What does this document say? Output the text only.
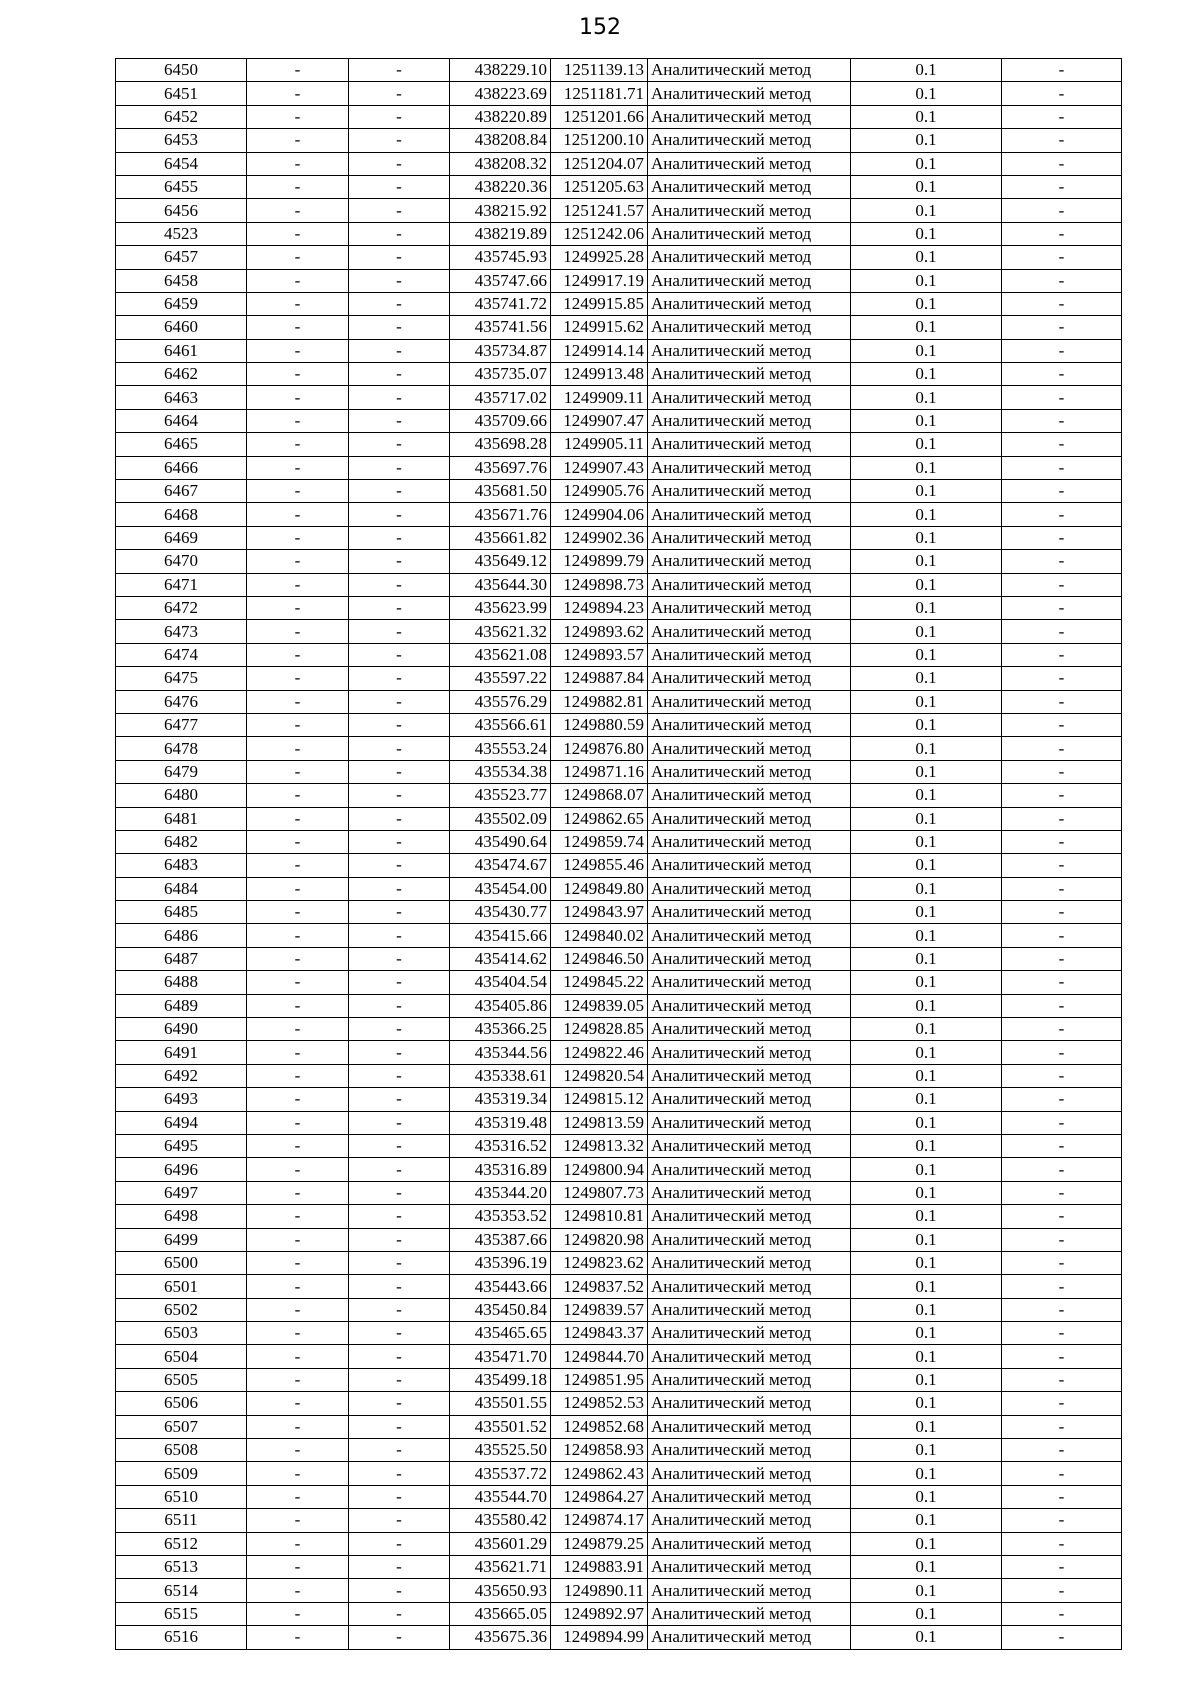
152
6450	-	-	438229.10	1251139.13	Аналитический метод	0.1	-
6451	-	-	438223.69	1251181.71	Аналитический метод	0.1	-
6452	-	-	438220.89	1251201.66	Аналитический метод	0.1	-
6453	-	-	438208.84	1251200.10	Аналитический метод	0.1	-
6454	-	-	438208.32	1251204.07	Аналитический метод	0.1	-
6455	-	-	438220.36	1251205.63	Аналитический метод	0.1	-
6456	-	-	438215.92	1251241.57	Аналитический метод	0.1	-
4523	-	-	438219.89	1251242.06	Аналитический метод	0.1	-
6457	-	-	435745.93	1249925.28	Аналитический метод	0.1	-
6458	-	-	435747.66	1249917.19	Аналитический метод	0.1	-
6459	-	-	435741.72	1249915.85	Аналитический метод	0.1	-
6460	-	-	435741.56	1249915.62	Аналитический метод	0.1	-
6461	-	-	435734.87	1249914.14	Аналитический метод	0.1	-
6462	-	-	435735.07	1249913.48	Аналитический метод	0.1	-
6463	-	-	435717.02	1249909.11	Аналитический метод	0.1	-
6464	-	-	435709.66	1249907.47	Аналитический метод	0.1	-
6465	-	-	435698.28	1249905.11	Аналитический метод	0.1	-
6466	-	-	435697.76	1249907.43	Аналитический метод	0.1	-
6467	-	-	435681.50	1249905.76	Аналитический метод	0.1	-
6468	-	-	435671.76	1249904.06	Аналитический метод	0.1	-
6469	-	-	435661.82	1249902.36	Аналитический метод	0.1	-
6470	-	-	435649.12	1249899.79	Аналитический метод	0.1	-
6471	-	-	435644.30	1249898.73	Аналитический метод	0.1	-
6472	-	-	435623.99	1249894.23	Аналитический метод	0.1	-
6473	-	-	435621.32	1249893.62	Аналитический метод	0.1	-
6474	-	-	435621.08	1249893.57	Аналитический метод	0.1	-
6475	-	-	435597.22	1249887.84	Аналитический метод	0.1	-
6476	-	-	435576.29	1249882.81	Аналитический метод	0.1	-
6477	-	-	435566.61	1249880.59	Аналитический метод	0.1	-
6478	-	-	435553.24	1249876.80	Аналитический метод	0.1	-
6479	-	-	435534.38	1249871.16	Аналитический метод	0.1	-
6480	-	-	435523.77	1249868.07	Аналитический метод	0.1	-
6481	-	-	435502.09	1249862.65	Аналитический метод	0.1	-
6482	-	-	435490.64	1249859.74	Аналитический метод	0.1	-
6483	-	-	435474.67	1249855.46	Аналитический метод	0.1	-
6484	-	-	435454.00	1249849.80	Аналитический метод	0.1	-
6485	-	-	435430.77	1249843.97	Аналитический метод	0.1	-
6486	-	-	435415.66	1249840.02	Аналитический метод	0.1	-
6487	-	-	435414.62	1249846.50	Аналитический метод	0.1	-
6488	-	-	435404.54	1249845.22	Аналитический метод	0.1	-
6489	-	-	435405.86	1249839.05	Аналитический метод	0.1	-
6490	-	-	435366.25	1249828.85	Аналитический метод	0.1	-
6491	-	-	435344.56	1249822.46	Аналитический метод	0.1	-
6492	-	-	435338.61	1249820.54	Аналитический метод	0.1	-
6493	-	-	435319.34	1249815.12	Аналитический метод	0.1	-
6494	-	-	435319.48	1249813.59	Аналитический метод	0.1	-
6495	-	-	435316.52	1249813.32	Аналитический метод	0.1	-
6496	-	-	435316.89	1249800.94	Аналитический метод	0.1	-
6497	-	-	435344.20	1249807.73	Аналитический метод	0.1	-
6498	-	-	435353.52	1249810.81	Аналитический метод	0.1	-
6499	-	-	435387.66	1249820.98	Аналитический метод	0.1	-
6500	-	-	435396.19	1249823.62	Аналитический метод	0.1	-
6501	-	-	435443.66	1249837.52	Аналитический метод	0.1	-
6502	-	-	435450.84	1249839.57	Аналитический метод	0.1	-
6503	-	-	435465.65	1249843.37	Аналитический метод	0.1	-
6504	-	-	435471.70	1249844.70	Аналитический метод	0.1	-
6505	-	-	435499.18	1249851.95	Аналитический метод	0.1	-
6506	-	-	435501.55	1249852.53	Аналитический метод	0.1	-
6507	-	-	435501.52	1249852.68	Аналитический метод	0.1	-
6508	-	-	435525.50	1249858.93	Аналитический метод	0.1	-
6509	-	-	435537.72	1249862.43	Аналитический метод	0.1	-
6510	-	-	435544.70	1249864.27	Аналитический метод	0.1	-
6511	-	-	435580.42	1249874.17	Аналитический метод	0.1	-
6512	-	-	435601.29	1249879.25	Аналитический метод	0.1	-
6513	-	-	435621.71	1249883.91	Аналитический метод	0.1	-
6514	-	-	435650.93	1249890.11	Аналитический метод	0.1	-
6515	-	-	435665.05	1249892.97	Аналитический метод	0.1	-
6516	-	-	435675.36	1249894.99	Аналитический метод	0.1	-
